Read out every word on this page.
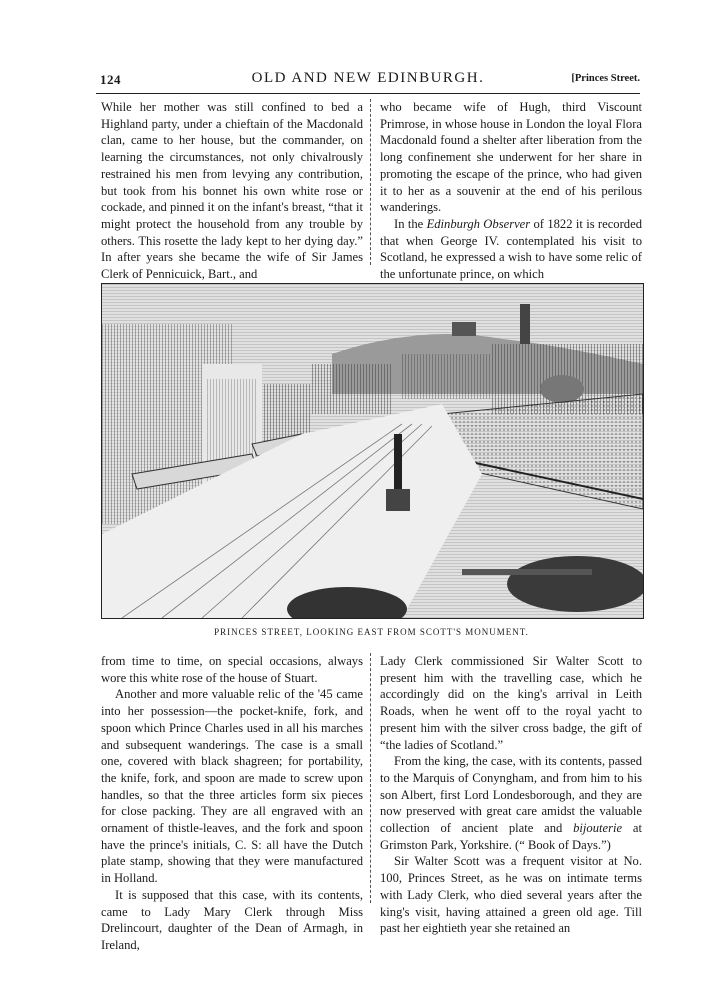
124	OLD AND NEW EDINBURGH.	[Princes Street.

While her mother was still confined to bed a Highland party, under a chieftain of the Macdonald clan, came to her house, but the commander, on learning the circumstances, not only chivalrously restrained his men from levying any contribution, but took from his bonnet his own white rose or cockade, and pinned it on the infant's breast, “that it might protect the household from any trouble by others. This rosette the lady kept to her dying day.” In after years she became the wife of Sir James Clerk of Pennicuick, Bart., and

who became wife of Hugh, third Viscount Primrose, in whose house in London the loyal Flora Macdonald found a shelter after liberation from the long confinement she underwent for her share in promoting the escape of the prince, who had given it to her as a souvenir at the end of his perilous wanderings.

In the Edinburgh Observer of 1822 it is recorded that when George IV. contemplated his visit to Scotland, he expressed a wish to have some relic of the unfortunate prince, on which

PRINCES STREET, LOOKING EAST FROM SCOTT'S MONUMENT.

from time to time, on special occasions, always wore this white rose of the house of Stuart.

Another and more valuable relic of the '45 came into her possession—the pocket-knife, fork, and spoon which Prince Charles used in all his marches and subsequent wanderings. The case is a small one, covered with black shagreen; for portability, the knife, fork, and spoon are made to screw upon handles, so that the three articles form six pieces for close packing. They are all engraved with an ornament of thistle-leaves, and the fork and spoon have the prince's initials, C. S: all have the Dutch plate stamp, showing that they were manufactured in Holland.

It is supposed that this case, with its contents, came to Lady Mary Clerk through Miss Drelincourt, daughter of the Dean of Armagh, in Ireland,

Lady Clerk commissioned Sir Walter Scott to present him with the travelling case, which he accordingly did on the king's arrival in Leith Roads, when he went off to the royal yacht to present him with the silver cross badge, the gift of “the ladies of Scotland.”

From the king, the case, with its contents, passed to the Marquis of Conyngham, and from him to his son Albert, first Lord Londesborough, and they are now preserved with great care amidst the valuable collection of ancient plate and bijouterie at Grimston Park, Yorkshire. (“ Book of Days.”)

Sir Walter Scott was a frequent visitor at No. 100, Princes Street, as he was on intimate terms with Lady Clerk, who died several years after the king's visit, having attained a green old age. Till past her eightieth year she retained an
